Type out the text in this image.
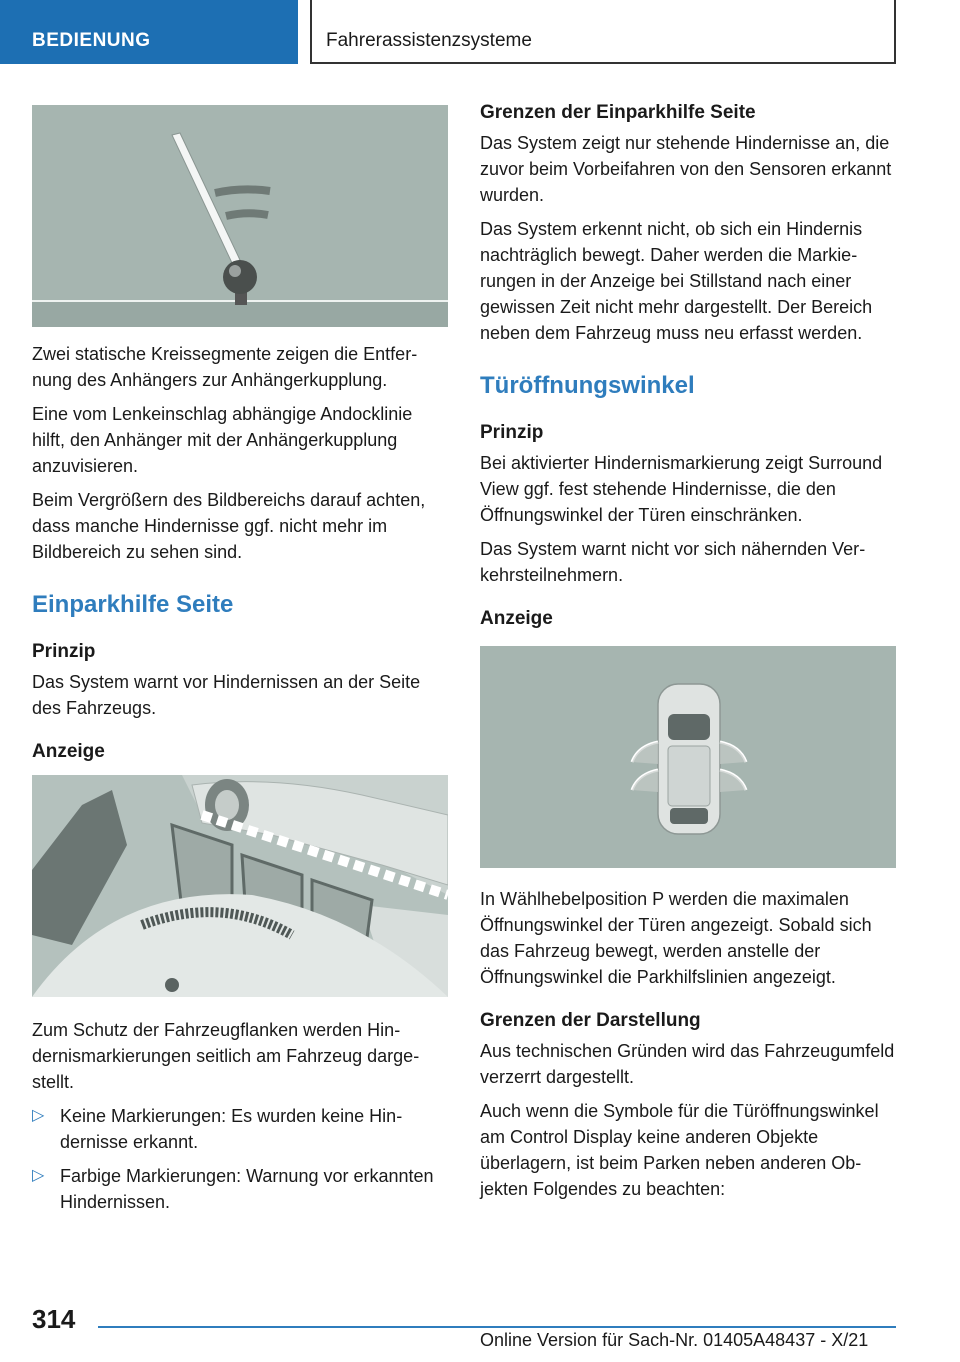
BEDIENUNG	Fahrerassistenzsysteme

Zwei statische Kreissegmente zeigen die Entfernung des Anhängers zur Anhängerkupplung.

Eine vom Lenkeinschlag abhängige Andocklinie hilft, den Anhänger mit der Anhängerkupplung anzuvisieren.

Beim Vergrößern des Bildbereichs darauf achten, dass manche Hindernisse ggf. nicht mehr im Bildbereich zu sehen sind.

Einparkhilfe Seite
Prinzip

Das System warnt vor Hindernissen an der Seite des Fahrzeugs.

Anzeige

Zum Schutz der Fahrzeugflanken werden Hindernismarkierungen seitlich am Fahrzeug dargestellt.

▷ Keine Markierungen: Es wurden keine Hindernisse erkannt.
▷ Farbige Markierungen: Warnung vor erkannten Hindernissen.
Grenzen der Einparkhilfe Seite

Das System zeigt nur stehende Hindernisse an, die zuvor beim Vorbeifahren von den Sensoren erkannt wurden.

Das System erkennt nicht, ob sich ein Hindernis nachträglich bewegt. Daher werden die Markierungen in der Anzeige bei Stillstand nach einer gewissen Zeit nicht mehr dargestellt. Der Bereich neben dem Fahrzeug muss neu erfasst werden.

Türöffnungswinkel
Prinzip

Bei aktivierter Hindernismarkierung zeigt Surround View ggf. fest stehende Hindernisse, die den Öffnungswinkel der Türen einschränken.

Das System warnt nicht vor sich nähernden Verkehrsteilnehmern.

Anzeige

In Wählhebelposition P werden die maximalen Öffnungswinkel der Türen angezeigt. Sobald sich das Fahrzeug bewegt, werden anstelle der Öffnungswinkel die Parkhilfslinien angezeigt.

Grenzen der Darstellung

Aus technischen Gründen wird das Fahrzeugumfeld verzerrt dargestellt.

Auch wenn die Symbole für die Türöffnungswinkel am Control Display keine anderen Objekte überlagern, ist beim Parken neben anderen Objekten Folgendes zu beachten:

314
Online Version für Sach-Nr. 01405A48437 - X/21
